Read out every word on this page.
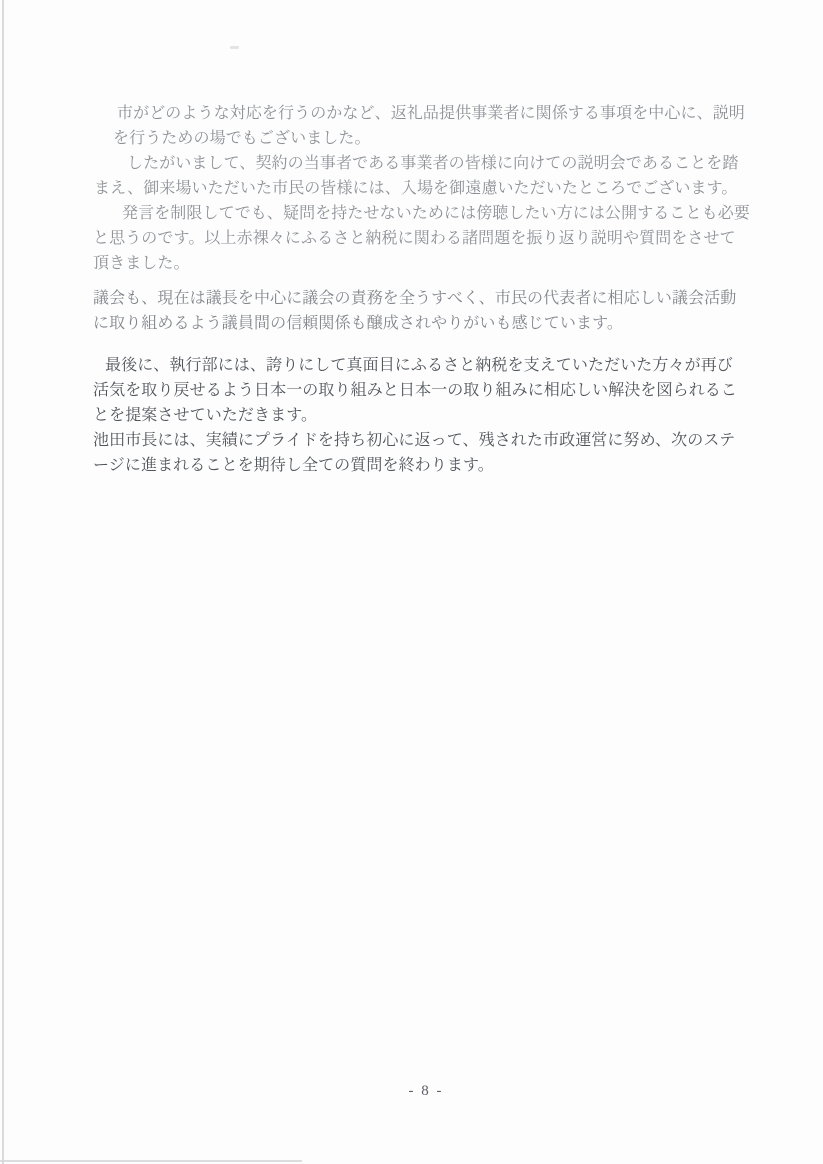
市がどのような対応を行うのかなど、返礼品提供事業者に関係する事項を中心に、説明
を行うための場でもございました。
したがいまして、契約の当事者である事業者の皆様に向けての説明会であることを踏
まえ、御来場いただいた市民の皆様には、入場を御遠慮いただいたところでございます。
発言を制限してでも、疑問を持たせないためには傍聴したい方には公開することも必要
と思うのです。以上赤裸々にふるさと納税に関わる諸問題を振り返り説明や質問をさせて
頂きました。
議会も、現在は議長を中心に議会の責務を全うすべく、市民の代表者に相応しい議会活動
に取り組めるよう議員間の信頼関係も醸成されやりがいも感じています。
最後に、執行部には、誇りにして真面目にふるさと納税を支えていただいた方々が再び
活気を取り戻せるよう日本一の取り組みと日本一の取り組みに相応しい解決を図られるこ
とを提案させていただきます。
池田市長には、実績にプライドを持ち初心に返って、残された市政運営に努め、次のステ
ージに進まれることを期待し全ての質問を終わります。
- 8 -
